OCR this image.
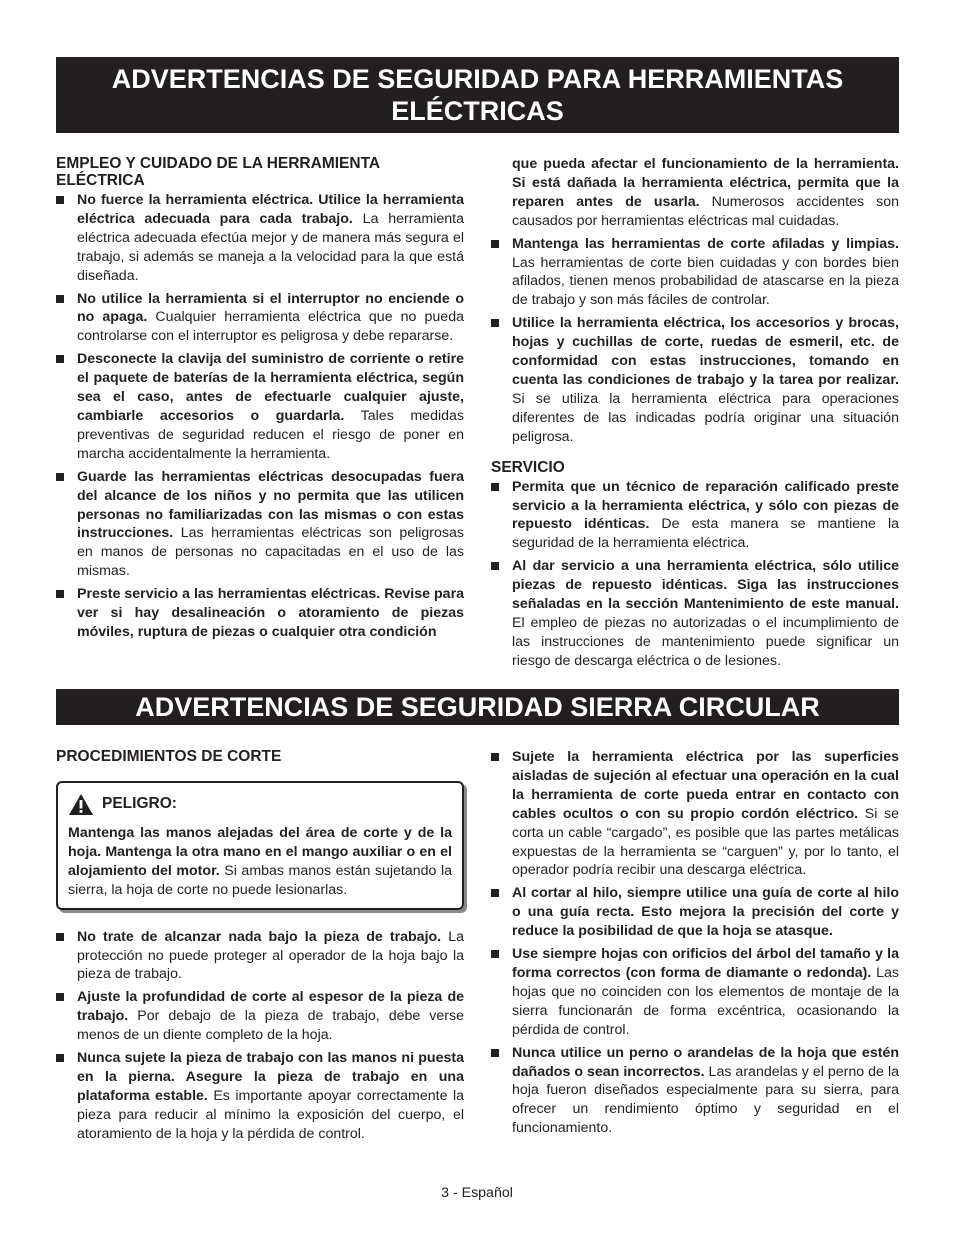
ADVERTENCIAS DE SEGURIDAD PARA HERRAMIENTAS ELÉCTRICAS
EMPLEO Y CUIDADO DE LA HERRAMIENTA ELÉCTRICA
No fuerce la herramienta eléctrica. Utilice la herramienta eléctrica adecuada para cada trabajo. La herramienta eléctrica adecuada efectúa mejor y de manera más segura el trabajo, si además se maneja a la velocidad para la que está diseñada.
No utilice la herramienta si el interruptor no enciende o no apaga. Cualquier herramienta eléctrica que no pueda controlarse con el interruptor es peligrosa y debe repararse.
Desconecte la clavija del suministro de corriente o retire el paquete de baterías de la herramienta eléctrica, según sea el caso, antes de efectuarle cualquier ajuste, cambiarle accesorios o guardarla. Tales medidas preventivas de seguridad reducen el riesgo de poner en marcha accidentalmente la herramienta.
Guarde las herramientas eléctricas desocupadas fuera del alcance de los niños y no permita que las utilicen personas no familiarizadas con las mismas o con estas instrucciones. Las herramientas eléctricas son peligrosas en manos de personas no capacitadas en el uso de las mismas.
Preste servicio a las herramientas eléctricas. Revise para ver si hay desalineación o atoramiento de piezas móviles, ruptura de piezas o cualquier otra condición
que pueda afectar el funcionamiento de la herramienta. Si está dañada la herramienta eléctrica, permita que la reparen antes de usarla. Numerosos accidentes son causados por herramientas eléctricas mal cuidadas.
Mantenga las herramientas de corte afiladas y limpias. Las herramientas de corte bien cuidadas y con bordes bien afilados, tienen menos probabilidad de atascarse en la pieza de trabajo y son más fáciles de controlar.
Utilice la herramienta eléctrica, los accesorios y brocas, hojas y cuchillas de corte, ruedas de esmeril, etc. de conformidad con estas instrucciones, tomando en cuenta las condiciones de trabajo y la tarea por realizar. Si se utiliza la herramienta eléctrica para operaciones diferentes de las indicadas podría originar una situación peligrosa.
SERVICIO
Permita que un técnico de reparación calificado preste servicio a la herramienta eléctrica, y sólo con piezas de repuesto idénticas. De esta manera se mantiene la seguridad de la herramienta eléctrica.
Al dar servicio a una herramienta eléctrica, sólo utilice piezas de repuesto idénticas. Siga las instrucciones señaladas en la sección Mantenimiento de este manual. El empleo de piezas no autorizadas o el incumplimiento de las instrucciones de mantenimiento puede significar un riesgo de descarga eléctrica o de lesiones.
ADVERTENCIAS DE SEGURIDAD SIERRA CIRCULAR
PROCEDIMIENTOS DE CORTE
PELIGRO:
Mantenga las manos alejadas del área de corte y de la hoja. Mantenga la otra mano en el mango auxiliar o en el alojamiento del motor. Si ambas manos están sujetando la sierra, la hoja de corte no puede lesionarlas.
No trate de alcanzar nada bajo la pieza de trabajo. La protección no puede proteger al operador de la hoja bajo la pieza de trabajo.
Ajuste la profundidad de corte al espesor de la pieza de trabajo. Por debajo de la pieza de trabajo, debe verse menos de un diente completo de la hoja.
Nunca sujete la pieza de trabajo con las manos ni puesta en la pierna. Asegure la pieza de trabajo en una plataforma estable. Es importante apoyar correctamente la pieza para reducir al mínimo la exposición del cuerpo, el atoramiento de la hoja y la pérdida de control.
Sujete la herramienta eléctrica por las superficies aisladas de sujeción al efectuar una operación en la cual la herramienta de corte pueda entrar en contacto con cables ocultos o con su propio cordón eléctrico. Si se corta un cable “cargado”, es posible que las partes metálicas expuestas de la herramienta se “carguen” y, por lo tanto, el operador podría recibir una descarga eléctrica.
Al cortar al hilo, siempre utilice una guía de corte al hilo o una guía recta. Esto mejora la precisión del corte y reduce la posibilidad de que la hoja se atasque.
Use siempre hojas con orificios del árbol del tamaño y la forma correctos (con forma de diamante o redonda). Las hojas que no coinciden con los elementos de montaje de la sierra funcionarán de forma excéntrica, ocasionando la pérdida de control.
Nunca utilice un perno o arandelas de la hoja que estén dañados o sean incorrectos. Las arandelas y el perno de la hoja fueron diseñados especialmente para su sierra, para ofrecer un rendimiento óptimo y seguridad en el funcionamiento.
3 - Español
